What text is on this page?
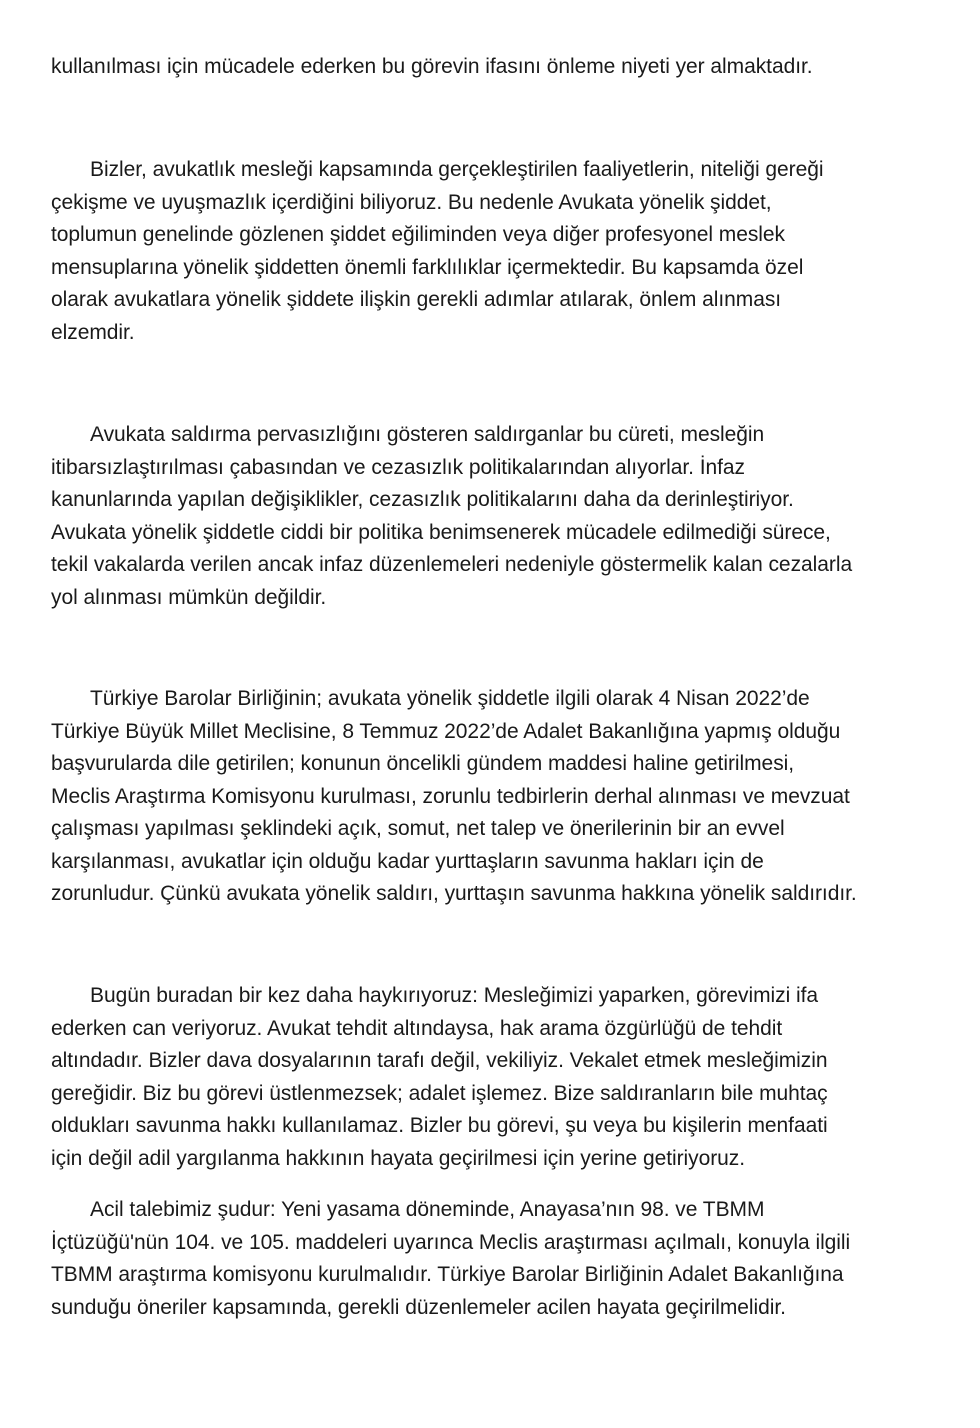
kullanılması için mücadele ederken bu görevin ifasını önleme niyeti yer almaktadır.

Bizler, avukatlık mesleği kapsamında gerçekleştirilen faaliyetlerin, niteliği gereği
çekişme ve uyuşmazlık içerdiğini biliyoruz. Bu nedenle Avukata yönelik şiddet,
toplumun genelinde gözlenen şiddet eğiliminden veya diğer profesyonel meslek
mensuplarına yönelik şiddetten önemli farklılıklar içermektedir. Bu kapsamda özel
olarak avukatlara yönelik şiddete ilişkin gerekli adımlar atılarak, önlem alınması
elzemdir.

Avukata saldırma pervasızlığını gösteren saldırganlar bu cüreti, mesleğin
itibarsızlaştırılması çabasından ve cezasızlık politikalarından alıyorlar. İnfaz
kanunlarında yapılan değişiklikler, cezasızlık politikalarını daha da derinleştiriyor.
Avukata yönelik şiddetle ciddi bir politika benimsenerek mücadele edilmediği sürece,
tekil vakalarda verilen ancak infaz düzenlemeleri nedeniyle göstermelik kalan cezalarla
yol alınması mümkün değildir.

Türkiye Barolar Birliğinin; avukata yönelik şiddetle ilgili olarak 4 Nisan 2022’de
Türkiye Büyük Millet Meclisine, 8 Temmuz 2022’de Adalet Bakanlığına yapmış olduğu
başvurularda dile getirilen; konunun öncelikli gündem maddesi haline getirilmesi,
Meclis Araştırma Komisyonu kurulması, zorunlu tedbirlerin derhal alınması ve mevzuat
çalışması yapılması şeklindeki açık, somut, net talep ve önerilerinin bir an evvel
karşılanması, avukatlar için olduğu kadar yurttaşların savunma hakları için de
zorunludur. Çünkü avukata yönelik saldırı, yurttaşın savunma hakkına yönelik saldırıdır.

Bugün buradan bir kez daha haykırıyoruz: Mesleğimizi yaparken, görevimizi ifa
ederken can veriyoruz. Avukat tehdit altındaysa, hak arama özgürlüğü de tehdit
altındadır. Bizler dava dosyalarının tarafı değil, vekiliyiz. Vekalet etmek mesleğimizin
gereğidir. Biz bu görevi üstlenmezsek; adalet işlemez. Bize saldıranların bile muhtaç
oldukları savunma hakkı kullanılamaz. Bizler bu görevi, şu veya bu kişilerin menfaati
için değil adil yargılanma hakkının hayata geçirilmesi için yerine getiriyoruz.

Acil talebimiz şudur: Yeni yasama döneminde, Anayasa’nın 98. ve TBMM
İçtüzüğü'nün 104. ve 105. maddeleri uyarınca Meclis araştırması açılmalı, konuyla ilgili
TBMM araştırma komisyonu kurulmalıdır. Türkiye Barolar Birliğinin Adalet Bakanlığına
sunduğu öneriler kapsamında, gerekli düzenlemeler acilen hayata geçirilmelidir.
